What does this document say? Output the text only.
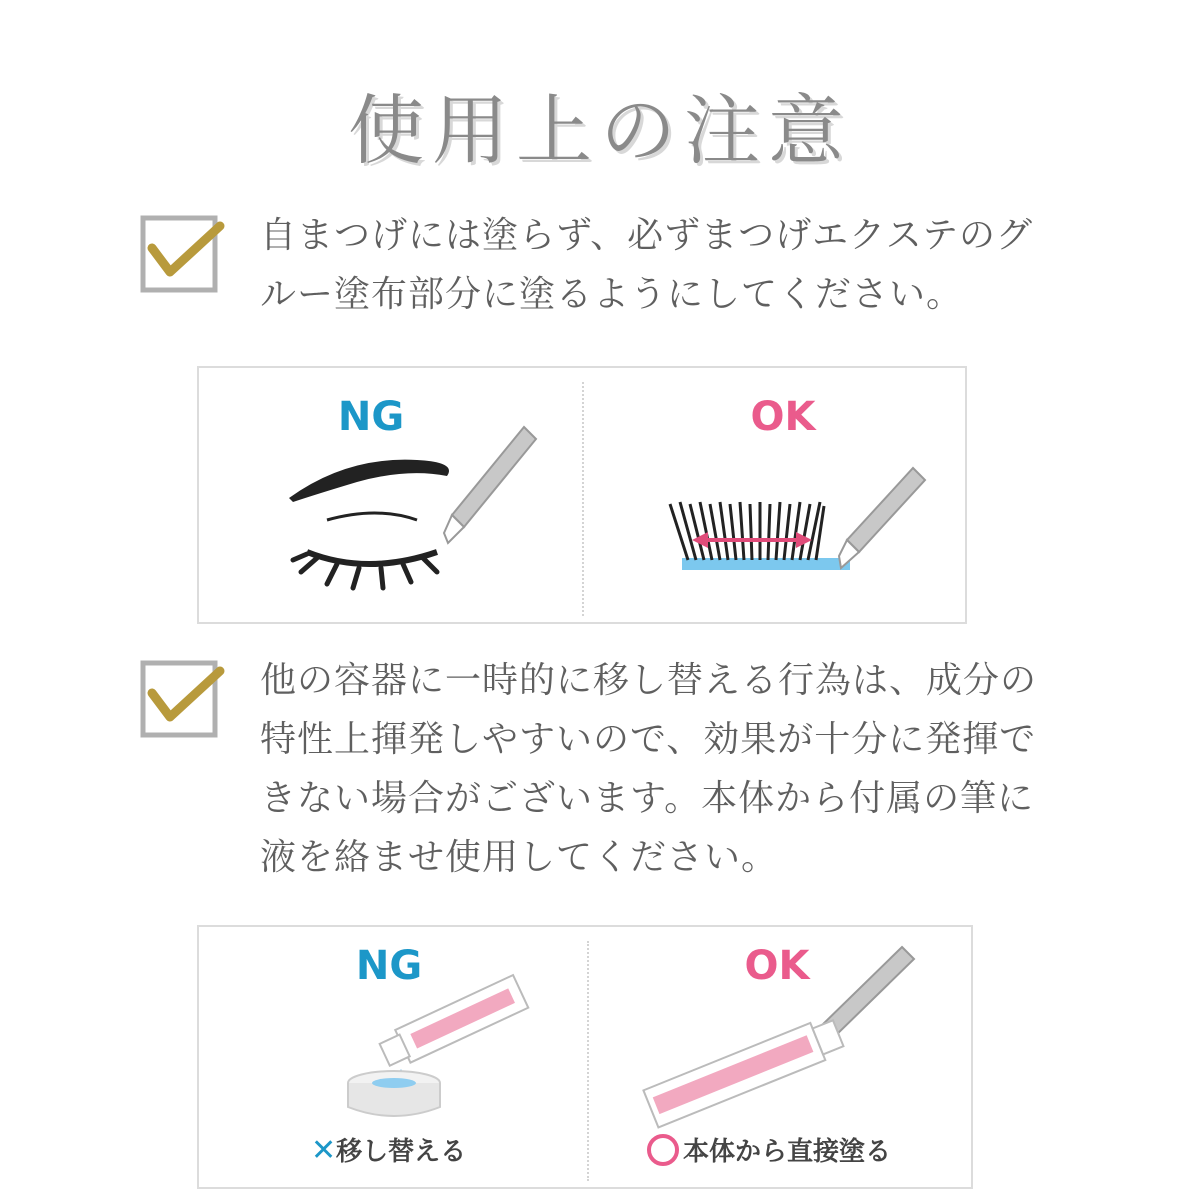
使用上の注意
自まつげには塗らず、必ずまつげエクステのグルー塗布部分に塗るようにしてください。
NG	OK
他の容器に一時的に移し替える行為は、成分の特性上揮発しやすいので、効果が十分に発揮できない場合がございます。本体から付属の筆に液を絡ませ使用してください。
NG	OK
✕移し替える	本体から直接塗る
